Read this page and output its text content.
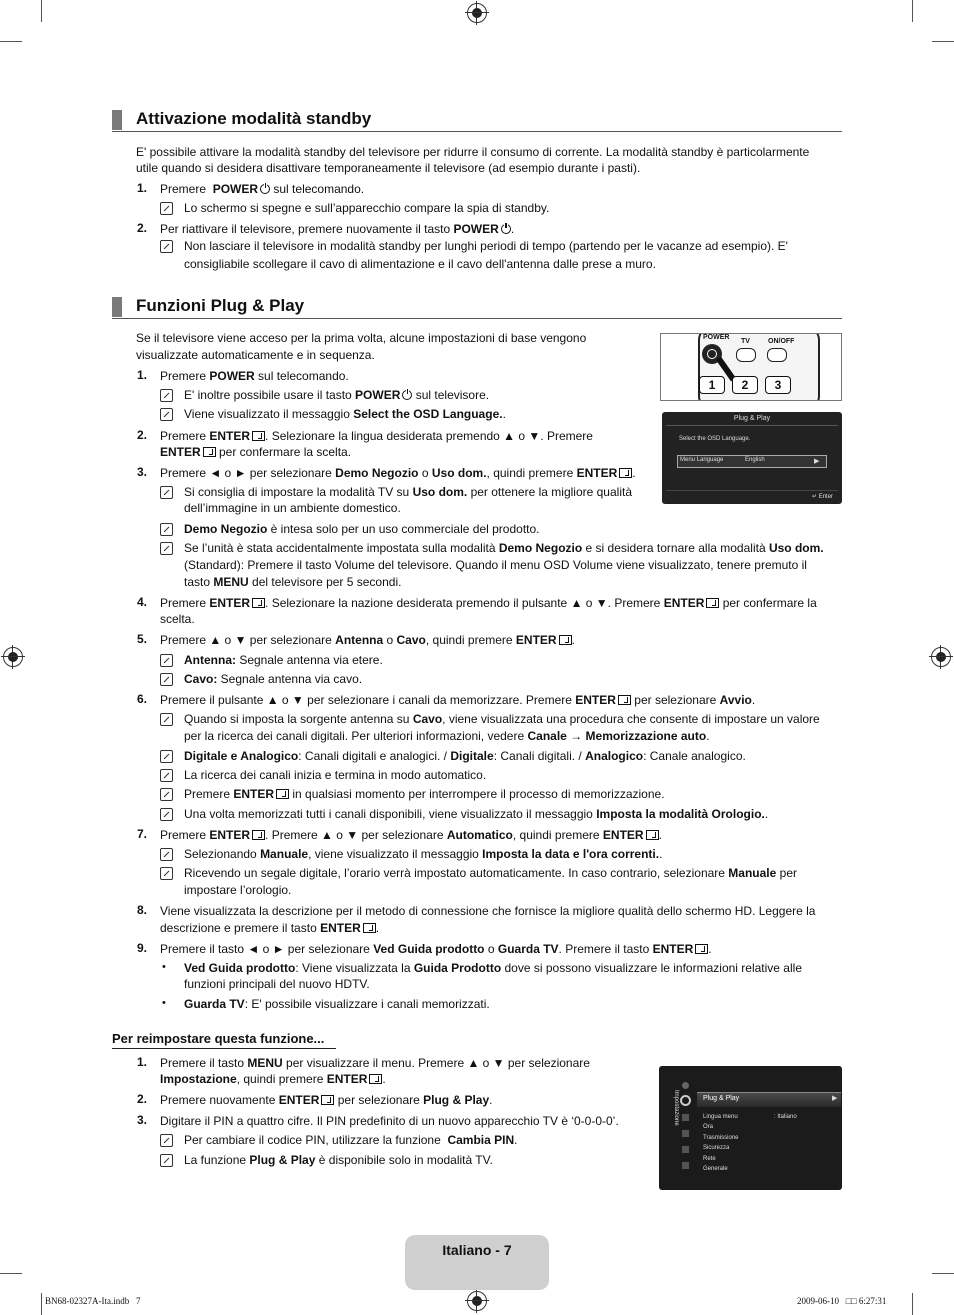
Attivazione modalità standby
E' possibile attivare la modalità standby del televisore per ridurre il consumo di corrente. La modalità standby è particolarmente
utile quando si desidera disattivare temporaneamente il televisore (ad esempio durante i pasti).
1. Premere  POWER sul telecomando.
Lo schermo si spegne e sull’apparecchio compare la spia di standby.
2. Per riattivare il televisore, premere nuovamente il tasto POWER .
Non lasciare il televisore in modalità standby per lunghi periodi di tempo (partendo per le vacanze ad esempio). E'
consigliabile scollegare il cavo di alimentazione e il cavo dell'antenna dalle prese a muro.
Funzioni Plug & Play
Se il televisore viene acceso per la prima volta, alcune impostazioni di base vengono
visualizzate automaticamente e in sequenza.
POWER
TV	ON/OFF
1	2	3
Plug & Play
Select the OSD Language.
Menu Language	English	▶
↵ Enter
1. Premere POWER sul telecomando.
E' inoltre possibile usare il tasto POWER sul televisore.
Viene visualizzato il messaggio Select the OSD Language..
2. Premere ENTER . Selezionare la lingua desiderata premendo ▲ o ▼. Premere
ENTER per confermare la scelta.
3. Premere ◄ o ► per selezionare Demo Negozio o Uso dom., quindi premere ENTER .
Si consiglia di impostare la modalità TV su Uso dom. per ottenere la migliore qualità
dell’immagine in un ambiente domestico.
Demo Negozio è intesa solo per un uso commerciale del prodotto.
Se l’unità è stata accidentalmente impostata sulla modalità Demo Negozio e si desidera tornare alla modalità Uso dom.
(Standard): Premere il tasto Volume del televisore. Quando il menu OSD Volume viene visualizzato, tenere premuto il
tasto MENU del televisore per 5 secondi.
4. Premere ENTER . Selezionare la nazione desiderata premendo il pulsante ▲ o ▼. Premere ENTER per confermare la
scelta.
5. Premere ▲ o ▼ per selezionare Antenna o Cavo, quindi premere ENTER .
Antenna: Segnale antenna via etere.
Cavo: Segnale antenna via cavo.
6. Premere il pulsante ▲ o ▼ per selezionare i canali da memorizzare. Premere ENTER per selezionare Avvio.
Quando si imposta la sorgente antenna su Cavo, viene visualizzata una procedura che consente di impostare un valore
per la ricerca dei canali digitali. Per ulteriori informazioni, vedere Canale → Memorizzazione auto.
Digitale e Analogico: Canali digitali e analogici. / Digitale: Canali digitali. / Analogico: Canale analogico.
La ricerca dei canali inizia e termina in modo automatico.
Premere ENTER in qualsiasi momento per interrompere il processo di memorizzazione.
Una volta memorizzati tutti i canali disponibili, viene visualizzato il messaggio Imposta la modalità Orologio..
7. Premere ENTER . Premere ▲ o ▼ per selezionare Automatico, quindi premere ENTER .
Selezionando Manuale, viene visualizzato il messaggio Imposta la data e l'ora correnti..
Ricevendo un segale digitale, l’orario verrà impostato automaticamente. In caso contrario, selezionare Manuale per
impostare l’orologio.
8. Viene visualizzata la descrizione per il metodo di connessione che fornisce la migliore qualità dello schermo HD. Leggere la
descrizione e premere il tasto ENTER .
9. Premere il tasto ◄ o ► per selezionare Ved Guida prodotto o Guarda TV. Premere il tasto ENTER .
• Ved Guida prodotto: Viene visualizzata la Guida Prodotto dove si possono visualizzare le informazioni relative alle
funzioni principali del nuovo HDTV.
• Guarda TV: E' possibile visualizzare i canali memorizzati.
Per reimpostare questa funzione...
1. Premere il tasto MENU per visualizzare il menu. Premere ▲ o ▼ per selezionare
Impostazione, quindi premere ENTER .
2. Premere nuovamente ENTER per selezionare Plug & Play.
3. Digitare il PIN a quattro cifre. Il PIN predefinito di un nuovo apparecchio TV è ‘0-0-0-0’.
Per cambiare il codice PIN, utilizzare la funzione  Cambia PIN.
La funzione Plug & Play è disponibile solo in modalità TV.
Impostazione	Plug & Play	▶
Lingua menu	: Italiano
Ora
Trasmissione
Sicurezza
Rete
Generale
Italiano - 7
BN68-02327A-Ita.indb   7	2009-06-10   □□ 6:27:31
